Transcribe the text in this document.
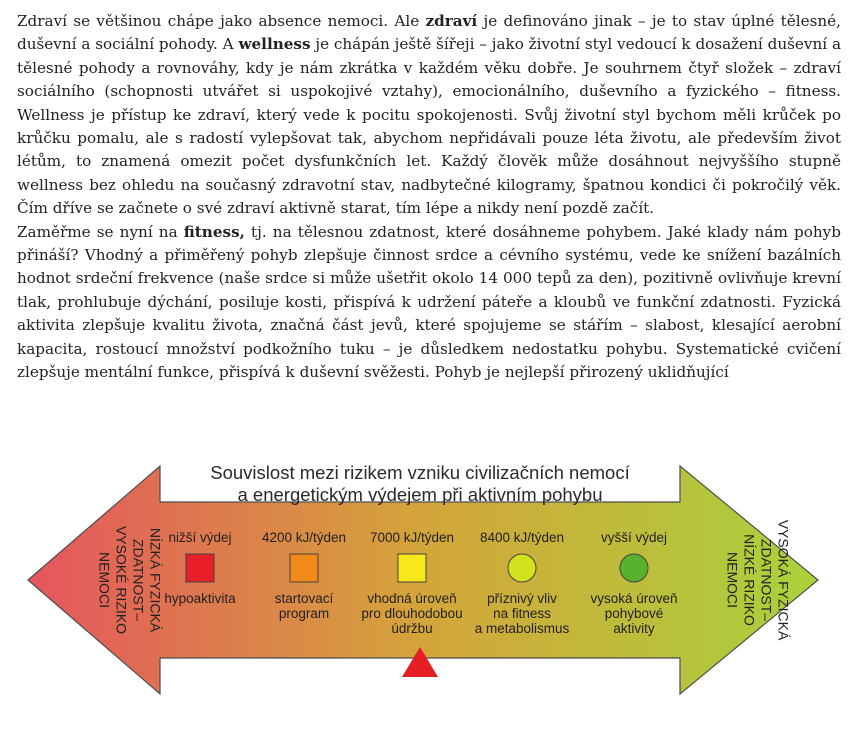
Zdraví se většinou chápe jako absence nemoci. Ale zdraví je definováno jinak – je to stav úplné tělesné, duševní a sociální pohody. A wellness je chápán ještě šířeji – jako životní styl vedoucí k dosažení duševní a tělesné pohody a rovnováhy, kdy je nám zkrátka v každém věku dobře. Je souhrnem čtyř složek – zdraví sociálního (schopnosti utvářet si uspokojivé vztahy), emocionálního, duševního a fyzického – fitness. Wellness je přístup ke zdraví, který vede k pocitu spokojenosti. Svůj životní styl bychom měli krůček po krůčku pomalu, ale s radostí vylepšovat tak, abychom nepřidávali pouze léta životu, ale především život létům, to znamená omezit počet dysfunkčních let. Každý člověk může dosáhnout nejvyššího stupně wellness bez ohledu na současný zdravotní stav, nadbytečné kilogramy, špatnou kondici či pokročilý věk. Čím dříve se začnete o své zdraví aktivně starat, tím lépe a nikdy není pozdě začít.

Zaměřme se nyní na fitness, tj. na tělesnou zdatnost, které dosáhneme pohybem. Jaké klady nám pohyb přináší? Vhodný a přiměřený pohyb zlepšuje činnost srdce a cévního systému, vede ke snížení bazálních hodnot srdeční frekvence (naše srdce si může ušetřit okolo 14 000 tepů za den), pozitivně ovlivňuje krevní tlak, prohlubuje dýchání, posiluje kosti, přispívá k udržení páteře a kloubů ve funkční zdatnosti. Fyzická aktivita zlepšuje kvalitu života, značná část jevů, které spojujeme se stářím – slabost, klesající aerobní kapacita, rostoucí množství podkožního tuku – je důsledkem nedostatku pohybu. Systematické cvičení zlepšuje mentální funkce, přispívá k duševní svěžesti. Pohyb je nejlepší přirozený uklidňující

Souvislost mezi rizikem vzniku civilizačních nemocí
a energetickým výdejem při aktivním pohybu
NÍZKÁ FYZICKÁ
ZDATNOST–
VYSOKÉ RIZIKO
NEMOCI	VYSOKÁ FYZICKÁ
ZDATNOST–
NÍZKÉ RIZIKO
NEMOCI
nižší výdej
hypoaktivita
4200 kJ/týden
startovací
program
7000 kJ/týden
vhodná úroveň
pro dlouhodobou
údržbu
8400 kJ/týden
příznivý vliv
na fitness
a metabolismus
vyšší výdej
vysoká úroveň
pohybové
aktivity
